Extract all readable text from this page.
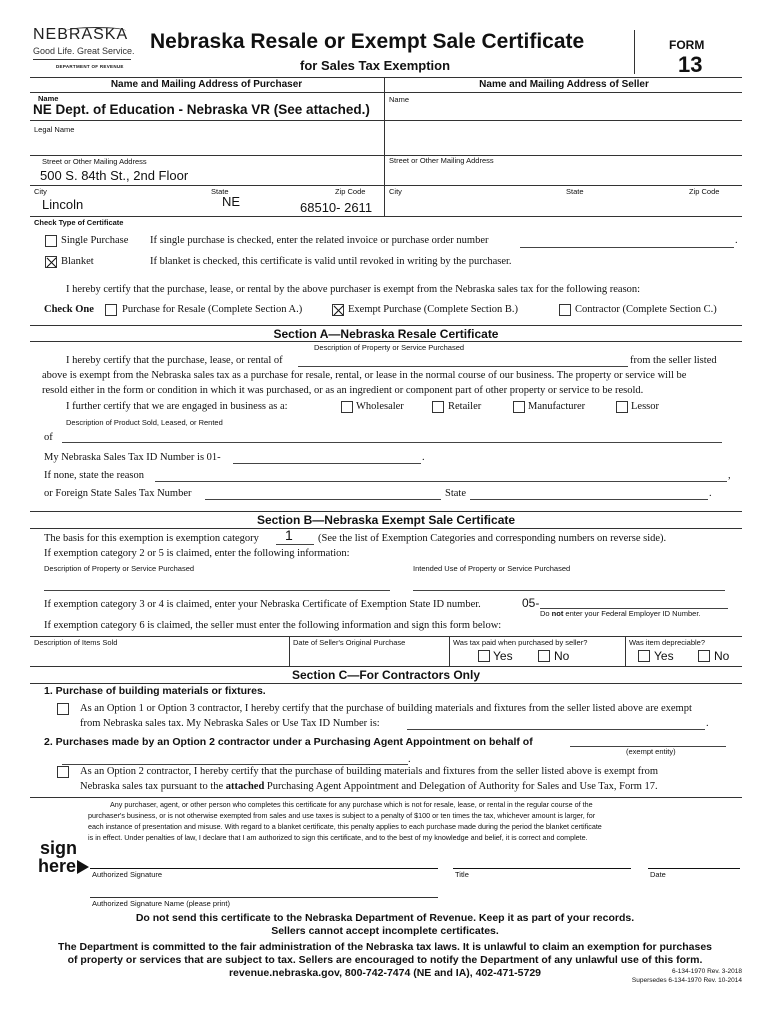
NEBRASKA
Good Life. Great Service.
DEPARTMENT OF REVENUE
Nebraska Resale or Exempt Sale Certificate
for Sales Tax Exemption
FORM
13
Name and Mailing Address of Purchaser	Name and Mailing Address of Seller
Name
NE Dept. of Education - Nebraska VR (See attached.)
Name
Legal Name
Street or Other Mailing Address	Street or Other Mailing Address
500 S. 84th St., 2nd Floor
City	State	Zip Code
Lincoln	NE	68510- 2611
City	State	Zip Code
Check Type of Certificate
Single Purchase If single purchase is checked, enter the related invoice or purchase order number	.
Blanket	If blanket is checked, this certificate is valid until revoked in writing by the purchaser.
I hereby certify that the purchase, lease, or rental by the above purchaser is exempt from the Nebraska sales tax for the following reason:
Check One	Purchase for Resale (Complete Section A.)	Exempt Purchase (Complete Section B.)	Contractor (Complete Section C.)
Section A—Nebraska Resale Certificate
Description of Property or Service Purchased
I hereby certify that the purchase, lease, or rental of	from the seller listed
above is exempt from the Nebraska sales tax as a purchase for resale, rental, or lease in the normal course of our business. The property or service will be
resold either in the form or condition in which it was purchased, or as an ingredient or component part of other property or service to be resold.
I further certify that we are engaged in business as a:	Wholesaler	Retailer	Manufacturer	Lessor
Description of Product Sold, Leased, or Rented
of
My Nebraska Sales Tax ID Number is 01-	.
If none, state the reason	,
or Foreign State Sales Tax Number	State	.
Section B—Nebraska Exempt Sale Certificate
The basis for this exemption is exemption category 1 (See the list of Exemption Categories and corresponding numbers on reverse side).
If exemption category 2 or 5 is claimed, enter the following information:
Description of Property or Service Purchased	Intended Use of Property or Service Purchased
If exemption category 3 or 4 is claimed, enter your Nebraska Certificate of Exemption State ID number.	05-
Do not enter your Federal Employer ID Number.
If exemption category 6 is claimed, the seller must enter the following information and sign this form below:
Description of Items Sold	Date of Seller's Original Purchase	Was tax paid when purchased by seller?	Was item depreciable?
Yes	No	Yes	No
Section C—For Contractors Only
1. Purchase of building materials or fixtures.
As an Option 1 or Option 3 contractor, I hereby certify that the purchase of building materials and fixtures from the seller listed above are exempt
from Nebraska sales tax. My Nebraska Sales or Use Tax ID Number is:	.
2. Purchases made by an Option 2 contractor under a Purchasing Agent Appointment on behalf of
(exempt entity)
.
As an Option 2 contractor, I hereby certify that the purchase of building materials and fixtures from the seller listed above is exempt from
Nebraska sales tax pursuant to the attached Purchasing Agent Appointment and Delegation of Authority for Sales and Use Tax, Form 17.
Any purchaser, agent, or other person who completes this certificate for any purchase which is not for resale, lease, or rental in the regular course of the
purchaser's business, or is not otherwise exempted from sales and use taxes is subject to a penalty of $100 or ten times the tax, whichever amount is larger, for
each instance of presentation and misuse. With regard to a blanket certificate, this penalty applies to each purchase made during the period the blanket certificate
is in effect. Under penalties of law, I declare that I am authorized to sign this certificate, and to the best of my knowledge and belief, it is correct and complete.
sign
here Authorized Signature	Title	Date
Authorized Signature Name (please print)
Do not send this certificate to the Nebraska Department of Revenue. Keep it as part of your records.
Sellers cannot accept incomplete certificates.
The Department is committed to the fair administration of the Nebraska tax laws. It is unlawful to claim an exemption for purchases
of property or services that are subject to tax. Sellers are encouraged to notify the Department of any unlawful use of this form.
revenue.nebraska.gov, 800-742-7474 (NE and IA), 402-471-5729	6-134-1970 Rev. 3-2018
Supersedes 6-134-1970 Rev. 10-2014
